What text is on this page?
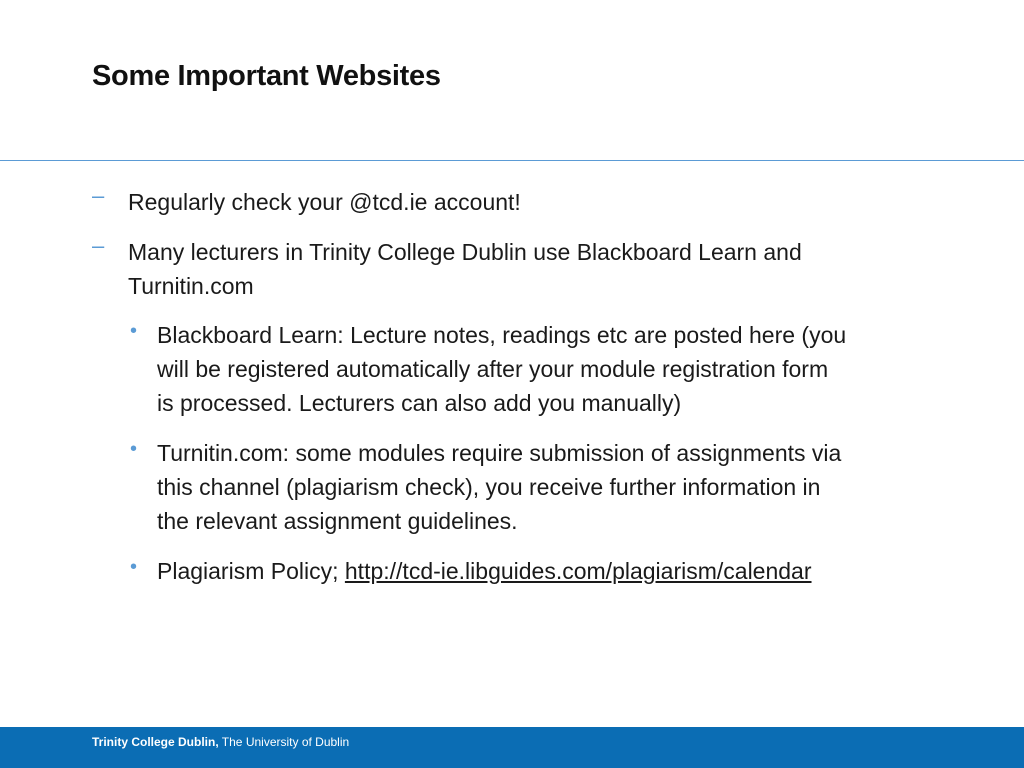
Some Important Websites
– Regularly check your @tcd.ie account!
– Many lecturers in Trinity College Dublin use Blackboard Learn and
Turnitin.com
• Blackboard Learn: Lecture notes, readings etc are posted here (you
will be registered automatically after your module registration form
is processed. Lecturers can also add you manually)
• Turnitin.com: some modules require submission of assignments via
this channel (plagiarism check), you receive further information in
the relevant assignment guidelines.
• Plagiarism Policy; http://tcd-ie.libguides.com/plagiarism/calendar
Trinity College Dublin, The University of Dublin
